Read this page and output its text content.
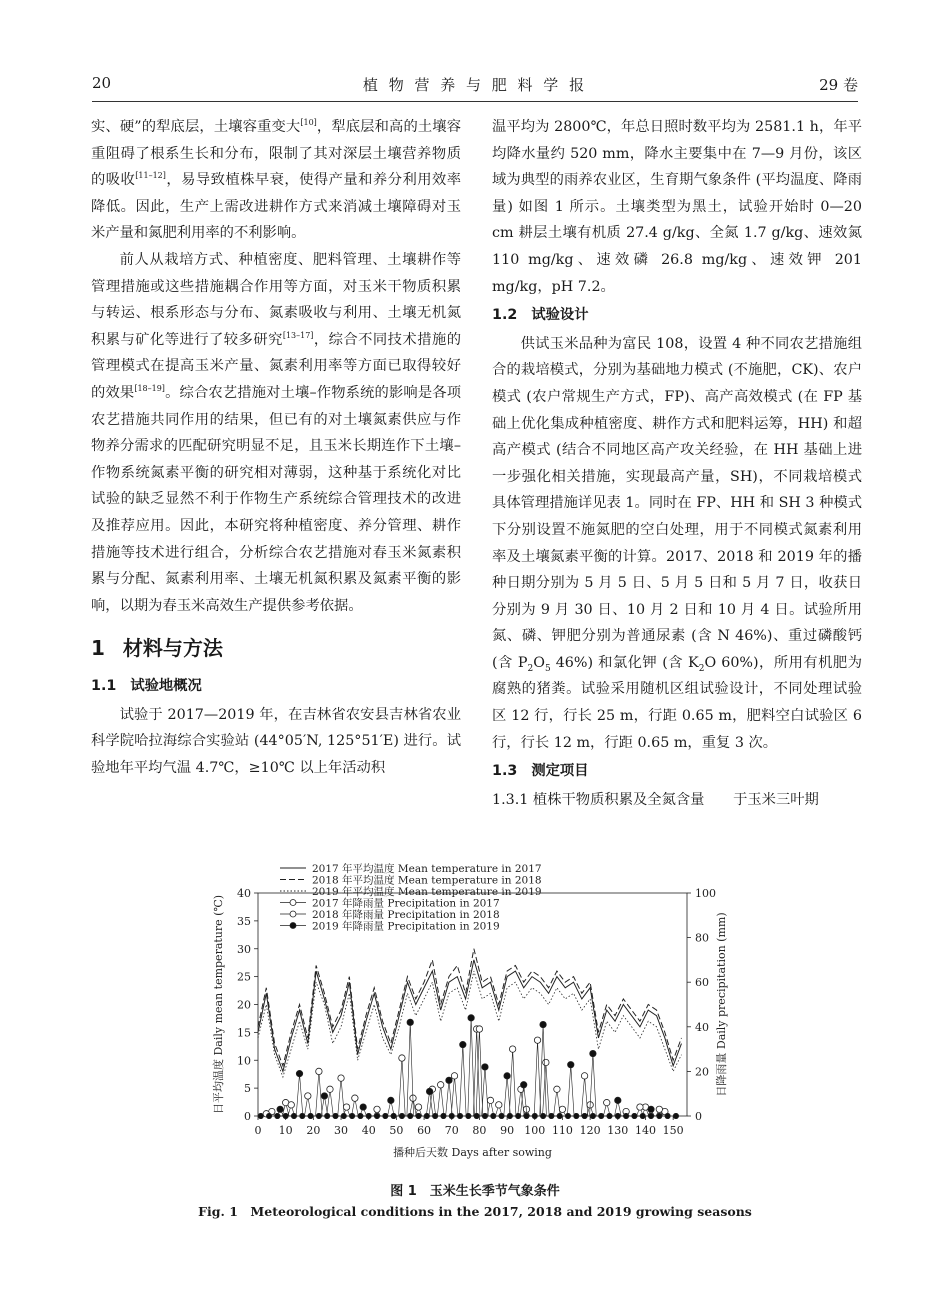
20	植 物 营 养 与 肥 料 学 报	29 卷

实、硬”的犁底层，土壤容重变大[10]，犁底层和高的土壤容重阻碍了根系生长和分布，限制了其对深层土壤营养物质的吸收[11–12]，易导致植株早衰，使得产量和养分利用效率降低。因此，生产上需改进耕作方式来消减土壤障碍对玉米产量和氮肥利用率的不利影响。

前人从栽培方式、种植密度、肥料管理、土壤耕作等管理措施或这些措施耦合作用等方面，对玉米干物质积累与转运、根系形态与分布、氮素吸收与利用、土壤无机氮积累与矿化等进行了较多研究[13–17]，综合不同技术措施的管理模式在提高玉米产量、氮素利用率等方面已取得较好的效果[18–19]。综合农艺措施对土壤–作物系统的影响是各项农艺措施共同作用的结果，但已有的对土壤氮素供应与作物养分需求的匹配研究明显不足，且玉米长期连作下土壤–作物系统氮素平衡的研究相对薄弱，这种基于系统化对比试验的缺乏显然不利于作物生产系统综合管理技术的改进及推荐应用。因此，本研究将种植密度、养分管理、耕作措施等技术进行组合，分析综合农艺措施对春玉米氮素积累与分配、氮素利用率、土壤无机氮积累及氮素平衡的影响，以期为春玉米高效生产提供参考依据。

1 材料与方法
1.1 试验地概况

试验于 2017—2019 年，在吉林省农安县吉林省农业科学院哈拉海综合实验站 (44°05′N, 125°51′E) 进行。试验地年平均气温 4.7℃，≥10℃ 以上年活动积

温平均为 2800℃，年总日照时数平均为 2581.1 h，年平均降水量约 520 mm，降水主要集中在 7—9 月份，该区域为典型的雨养农业区，生育期气象条件 (平均温度、降雨量) 如图 1 所示。土壤类型为黑土，试验开始时 0—20 cm 耕层土壤有机质 27.4 g/kg、全氮 1.7 g/kg、速效氮 110 mg/kg、速效磷 26.8 mg/kg、速效钾 201 mg/kg，pH 7.2。

1.2 试验设计

供试玉米品种为富民 108，设置 4 种不同农艺措施组合的栽培模式，分别为基础地力模式 (不施肥，CK)、农户模式 (农户常规生产方式，FP)、高产高效模式 (在 FP 基础上优化集成种植密度、耕作方式和肥料运筹，HH) 和超高产模式 (结合不同地区高产攻关经验，在 HH 基础上进一步强化相关措施，实现最高产量，SH)，不同栽培模式具体管理措施详见表 1。同时在 FP、HH 和 SH 3 种模式下分别设置不施氮肥的空白处理，用于不同模式氮素利用率及土壤氮素平衡的计算。2017、2018 和 2019 年的播种日期分别为 5 月 5 日、5 月 5 日和 5 月 7 日，收获日分别为 9 月 30 日、10 月 2 日和 10 月 4 日。试验所用氮、磷、钾肥分别为普通尿素 (含 N 46%)、重过磷酸钙 (含 $P_2O_5$ 46%) 和氯化钾 (含 $K_2O$ 60%)，所用有机肥为腐熟的猪粪。试验采用随机区组试验设计，不同处理试验区 12 行，行长 25 m，行距 0.65 m，肥料空白试验区 6 行，行长 12 m，行距 0.65 m，重复 3 次。

1.3 测定项目

1.3.1 植株干物质积累及全氮含量　　于玉米三叶期

0 10 20 30 40 50 60 70 80 90 100 110 120 130 140 150
0
5
10
15
20
25
30
35
40
0
20
40
60
80
100
播种后天数 Days after sowing
日平均温度 Daily mean temperature (℃)	日降雨量 Daily precipitation (mm)
2017 年平均温度 Mean temperature in 2017
2018 年平均温度 Mean temperature in 2018
2019 年平均温度 Mean temperature in 2019
2017 年降雨量 Precipitation in 2017
2018 年降雨量 Precipitation in 2018
2019 年降雨量 Precipitation in 2019
图 1　玉米生长季节气象条件
Fig. 1　Meteorological conditions in the 2017, 2018 and 2019 growing seasons
